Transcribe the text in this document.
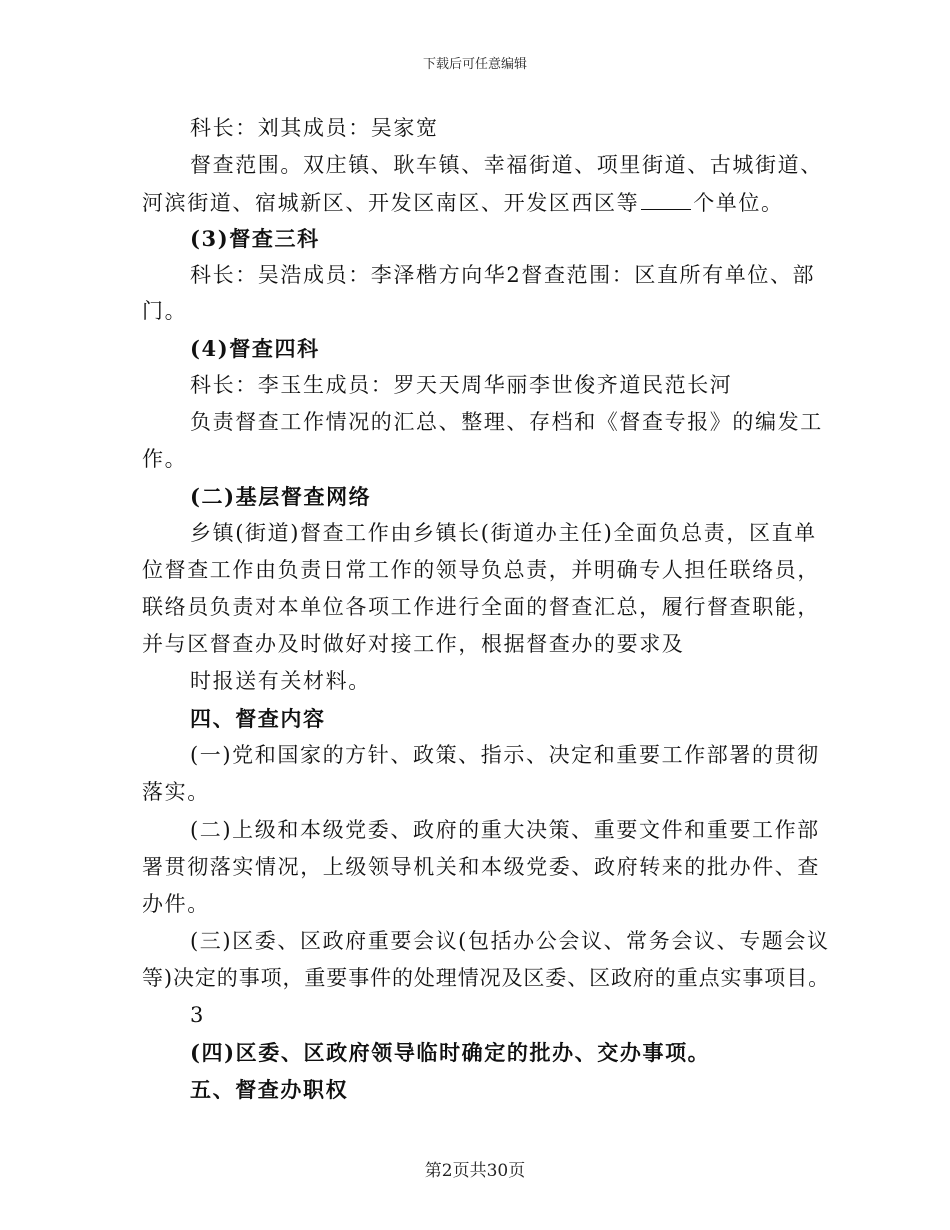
下载后可任意编辑
科长：刘其成员：吴家宽
督查范围。双庄镇、耿车镇、幸福街道、项里街道、古城街道、
河滨街道、宿城新区、开发区南区、开发区西区等	个单位。
(3)督查三科
科长：吴浩成员：李泽楷方向华2督查范围：区直所有单位、部
门。
(4)督查四科
科长：李玉生成员：罗天天周华丽李世俊齐道民范长河
负责督查工作情况的汇总、整理、存档和《督查专报》的编发工
作。
(二)基层督查网络
乡镇(街道)督查工作由乡镇长(街道办主任)全面负总责，区直单
位督查工作由负责日常工作的领导负总责，并明确专人担任联络员，
联络员负责对本单位各项工作进行全面的督查汇总，履行督查职能，
并与区督查办及时做好对接工作，根据督查办的要求及
时报送有关材料。
四、督查内容
(一)党和国家的方针、政策、指示、决定和重要工作部署的贯彻
落实。
(二)上级和本级党委、政府的重大决策、重要文件和重要工作部
署贯彻落实情况，上级领导机关和本级党委、政府转来的批办件、查
办件。
(三)区委、区政府重要会议(包括办公会议、常务会议、专题会议
等)决定的事项，重要事件的处理情况及区委、区政府的重点实事项目。
3
(四)区委、区政府领导临时确定的批办、交办事项。
五、督查办职权
第2页共30页
